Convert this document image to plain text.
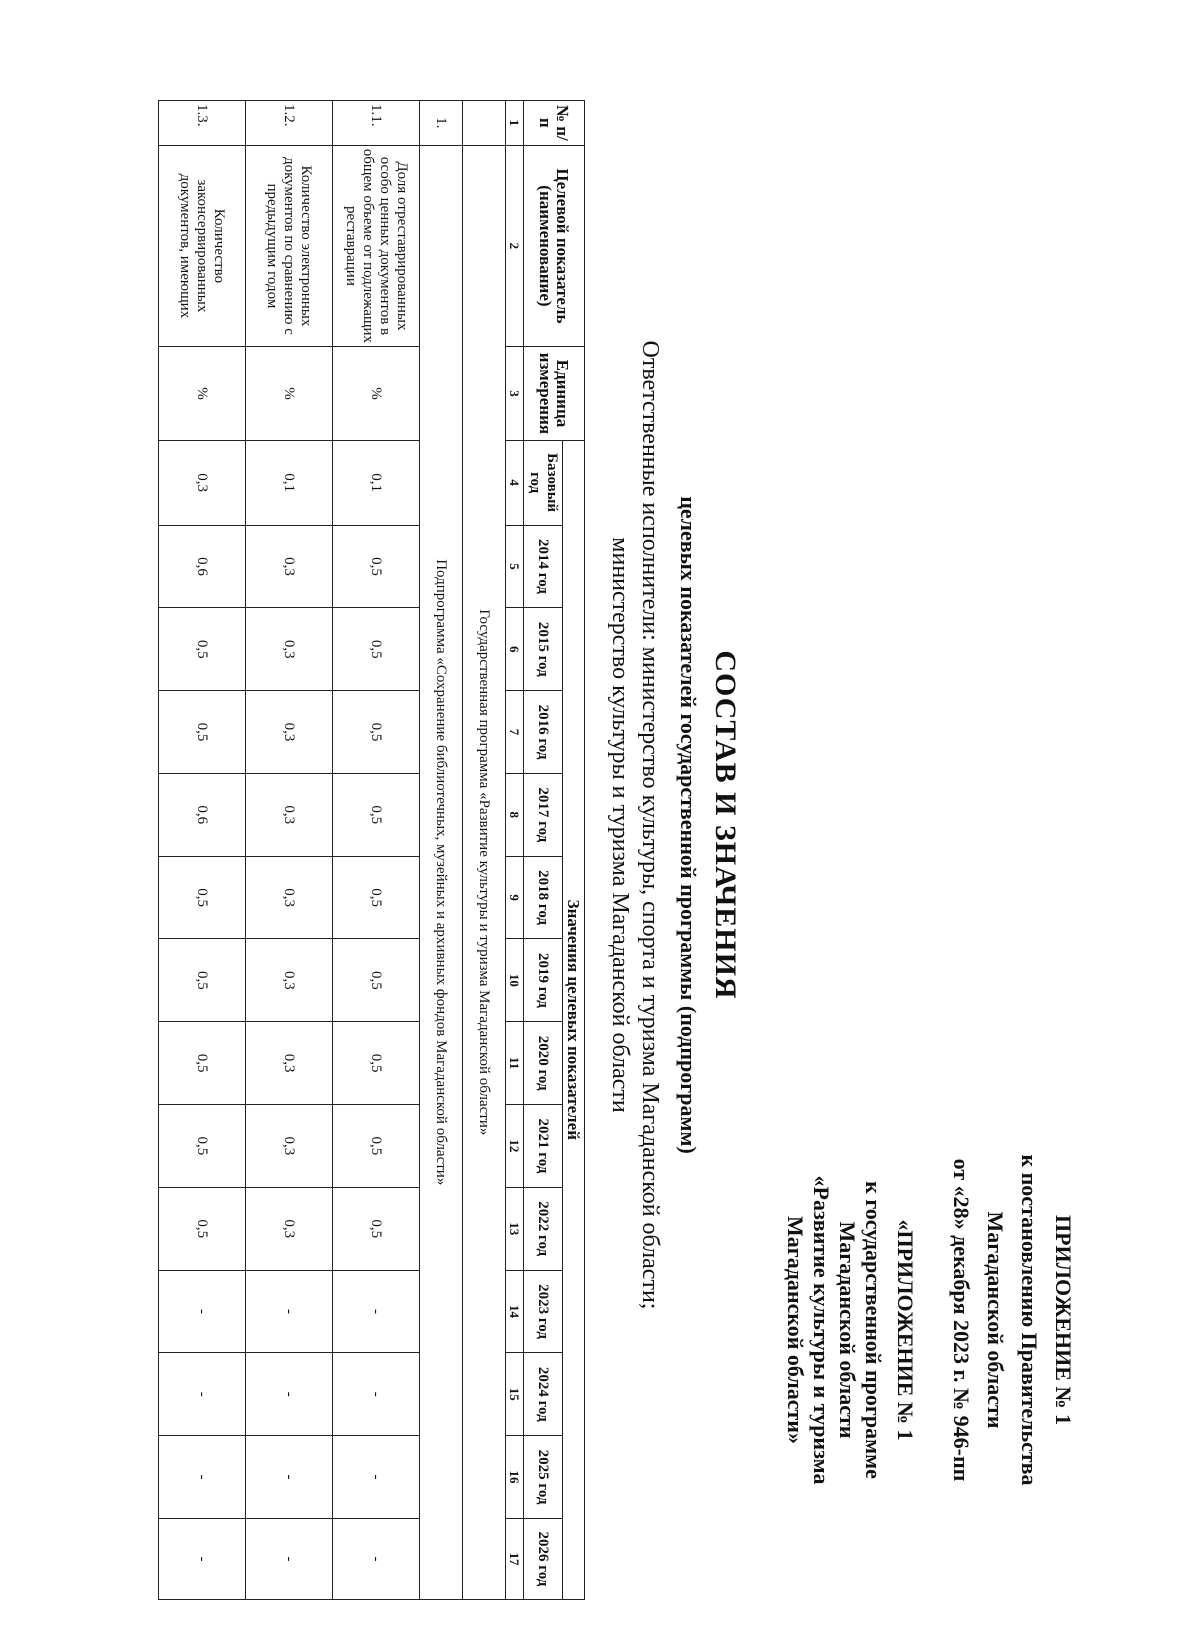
ПРИЛОЖЕНИЕ № 1
к постановлению Правительства
Магаданской области
от «28» декабря 2023 г. № 946-пп
«ПРИЛОЖЕНИЕ № 1
к государственной программе
Магаданской области
«Развитие культуры и туризма
Магаданской области»
СОСТАВ И ЗНАЧЕНИЯ
целевых показателей государственной программы (подпрограмм)
Ответственные исполнители: министерство культуры, спорта и туризма Магаданской области;
министерство культуры и туризма Магаданской области
№ п/п	Целевой показатель (наименование)	Единица измерения	Значения целевых показателей													
			Базовый год	2014 год	2015 год	2016 год	2017 год	2018 год	2019 год	2020 год	2021 год	2022 год	2023 год	2024 год	2025 год	2026 год
1	2	3	4	5	6	7	8	9	10	11	12	13	14	15	16	17
	Государственная программа «Развитие культуры и туризма Магаданской области»															
1.	Подпрограмма «Сохранение библиотечных, музейных и архивных фондов Магаданской области»															
1.1.	Доля отреставрированных особо ценных документов в общем объеме от подлежащих реставрации	%	0,1	0,5	0,5	0,5	0,5	0,5	0,5	0,5	0,5	0,5	-	-	-	-
1.2.	Количество электронных документов по сравнению с предыдущим годом	%	0,1	0,3	0,3	0,3	0,3	0,3	0,3	0,3	0,3	0,3	-	-	-	-
1.3.	Количество законсервированных документов, имеющих	%	0,3	0,6	0,5	0,5	0,6	0,5	0,5	0,5	0,5	0,5	-	-	-	-
